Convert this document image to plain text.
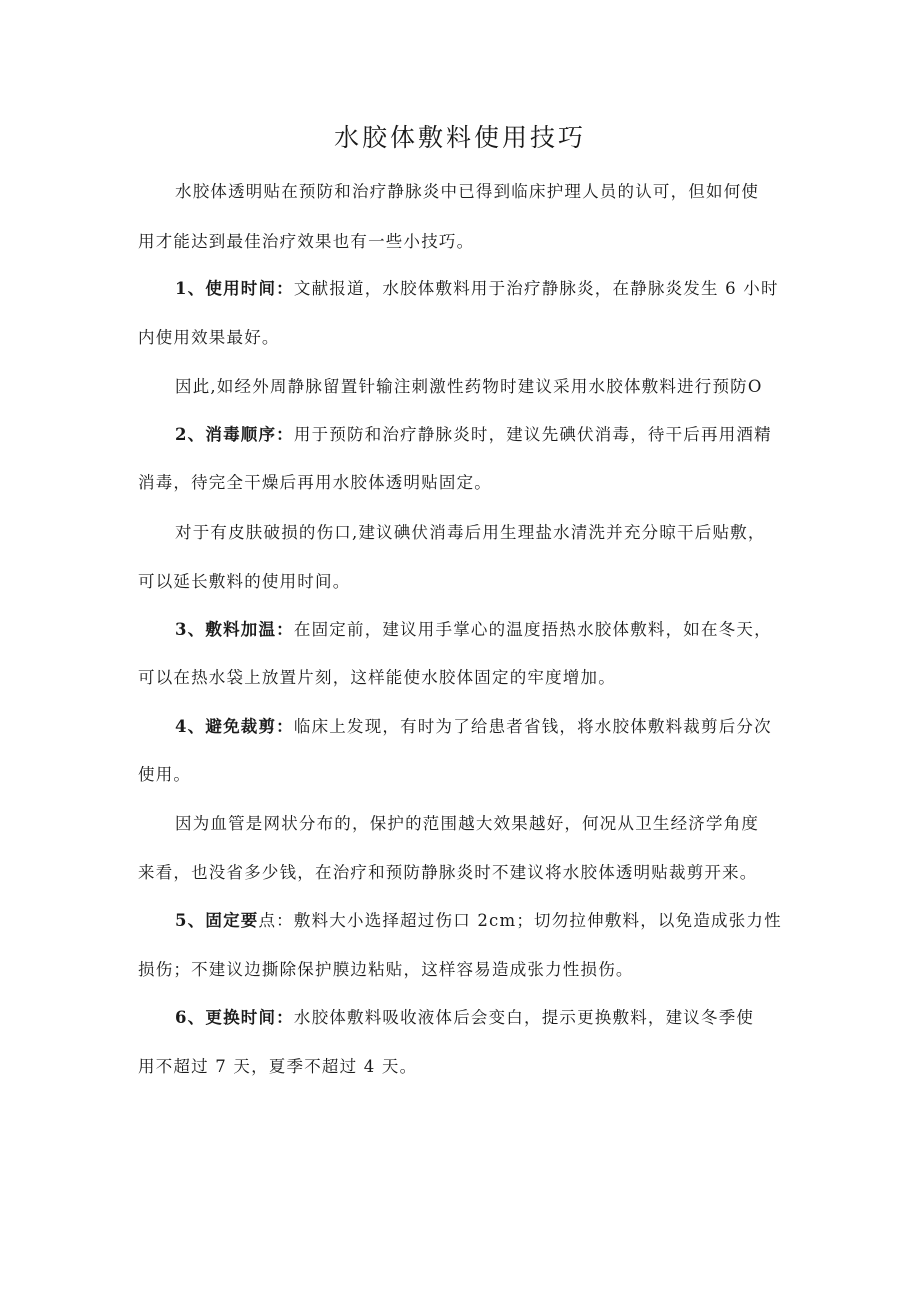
水胶体敷料使用技巧
水胶体透明贴在预防和治疗静脉炎中已得到临床护理人员的认可，但如何使
用才能达到最佳治疗效果也有一些小技巧。
1、使用时间：文献报道，水胶体敷料用于治疗静脉炎，在静脉炎发生 6 小时
内使用效果最好。
因此,如经外周静脉留置针输注刺激性药物时建议采用水胶体敷料进行预防O
2、消毒顺序：用于预防和治疗静脉炎时，建议先碘伏消毒，待干后再用酒精
消毒，待完全干燥后再用水胶体透明贴固定。
对于有皮肤破损的伤口,建议碘伏消毒后用生理盐水清洗并充分晾干后贴敷，
可以延长敷料的使用时间。
3、敷料加温：在固定前，建议用手掌心的温度捂热水胶体敷料，如在冬天，
可以在热水袋上放置片刻，这样能使水胶体固定的牢度增加。
4、避免裁剪：临床上发现，有时为了给患者省钱，将水胶体敷料裁剪后分次
使用。
因为血管是网状分布的，保护的范围越大效果越好，何况从卫生经济学角度
来看，也没省多少钱，在治疗和预防静脉炎时不建议将水胶体透明贴裁剪开来。
5、固定要点：敷料大小选择超过伤口 2cm；切勿拉伸敷料，以免造成张力性
损伤；不建议边撕除保护膜边粘贴，这样容易造成张力性损伤。
6、更换时间：水胶体敷料吸收液体后会变白，提示更换敷料，建议冬季使
用不超过 7 天，夏季不超过 4 天。
